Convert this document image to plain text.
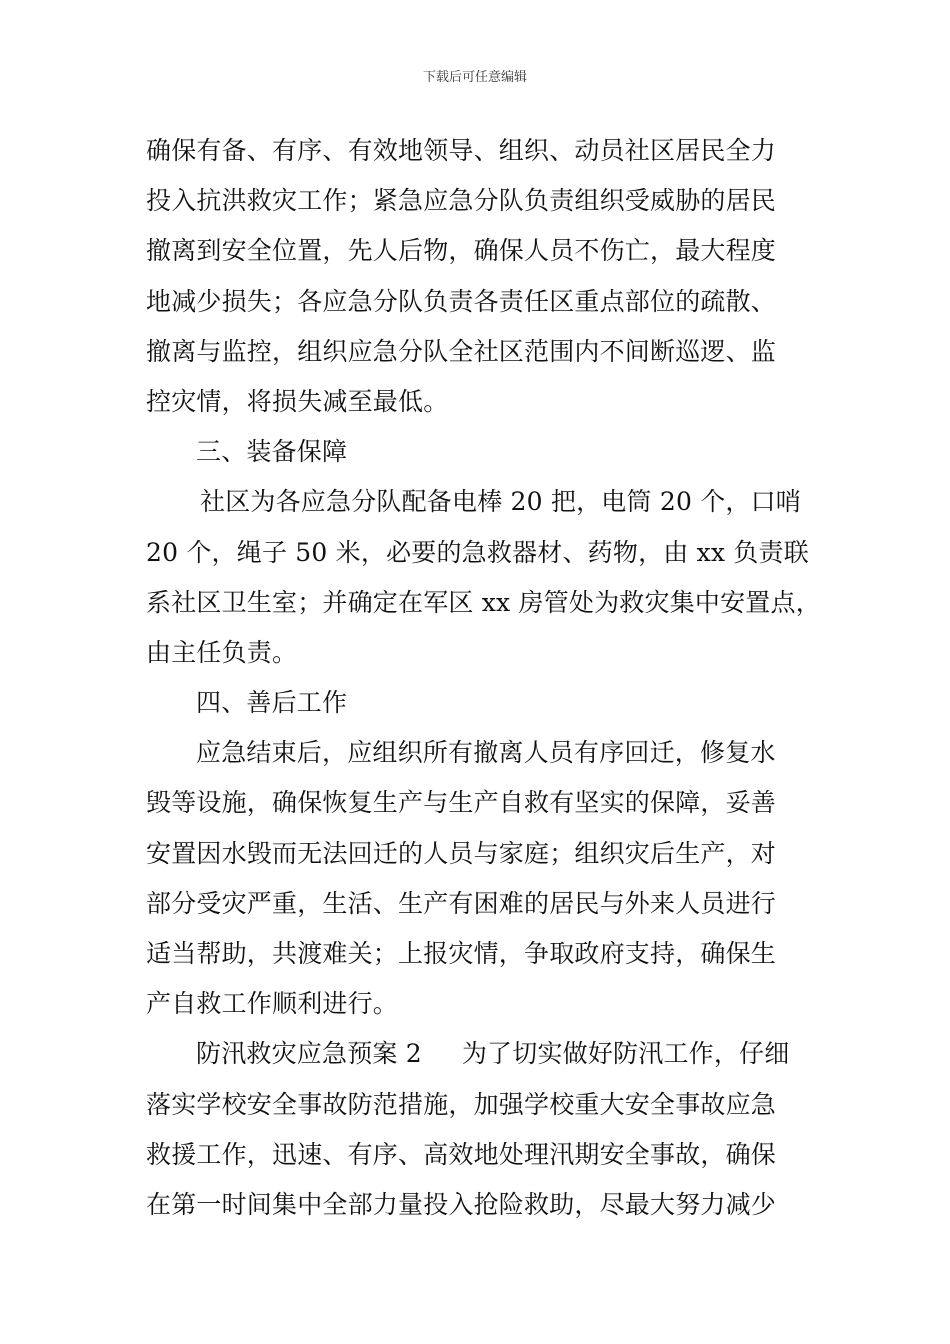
下载后可任意编辑
确保有备、有序、有效地领导、组织、动员社区居民全力
投入抗洪救灾工作；紧急应急分队负责组织受威胁的居民
撤离到安全位置，先人后物，确保人员不伤亡，最大程度
地减少损失；各应急分队负责各责任区重点部位的疏散、
撤离与监控，组织应急分队全社区范围内不间断巡逻、监
控灾情，将损失减至最低。
三、装备保障
社区为各应急分队配备电棒 20 把，电筒 20 个，口哨
20 个，绳子 50 米，必要的急救器材、药物，由 xx 负责联
系社区卫生室；并确定在军区 xx 房管处为救灾集中安置点，
由主任负责。
四、善后工作
应急结束后，应组织所有撤离人员有序回迁，修复水
毁等设施，确保恢复生产与生产自救有坚实的保障，妥善
安置因水毁而无法回迁的人员与家庭；组织灾后生产，对
部分受灾严重，生活、生产有困难的居民与外来人员进行
适当帮助，共渡难关；上报灾情，争取政府支持，确保生
产自救工作顺利进行。
防汛救灾应急预案 2 为了切实做好防汛工作，仔细
落实学校安全事故防范措施，加强学校重大安全事故应急
救援工作，迅速、有序、高效地处理汛期安全事故，确保
在第一时间集中全部力量投入抢险救助，尽最大努力减少
